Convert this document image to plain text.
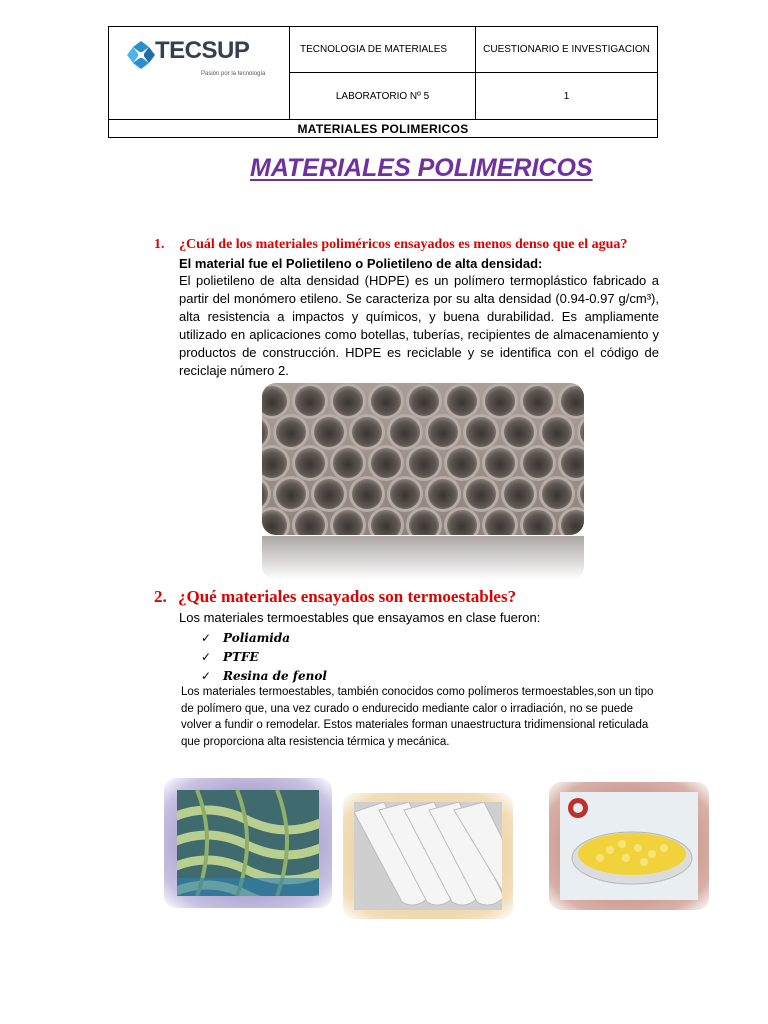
TECSUP
Pasión por la tecnología
TECNOLOGIA DE MATERIALES	CUESTIONARIO E INVESTIGACION
LABORATORIO Nº 5	1
MATERIALES POLIMERICOS
MATERIALES POLIMERICOS
1. ¿Cuál de los materiales poliméricos ensayados es menos denso que el agua?
El material fue el Polietileno o Polietileno de alta densidad:
El polietileno de alta densidad (HDPE) es un polímero termoplástico fabricado a partir del monómero etileno. Se caracteriza por su alta densidad (0.94-0.97 g/cm³), alta resistencia a impactos y químicos, y buena durabilidad. Es ampliamente utilizado en aplicaciones como botellas, tuberías, recipientes de almacenamiento y productos de construcción. HDPE es reciclable y se identifica con el código de reciclaje número 2.
2. ¿Qué materiales ensayados son termoestables?
Los materiales termoestables que ensayamos en clase fueron:
✓ Poliamida
✓ PTFE
✓ Resina de fenol
Los materiales termoestables, también conocidos como polímeros termoestables,son un tipo de polímero que, una vez curado o endurecido mediante calor o irradiación, no se puede volver a fundir o remodelar. Estos materiales forman unaestructura tridimensional reticulada que proporciona alta resistencia térmica y mecánica.
